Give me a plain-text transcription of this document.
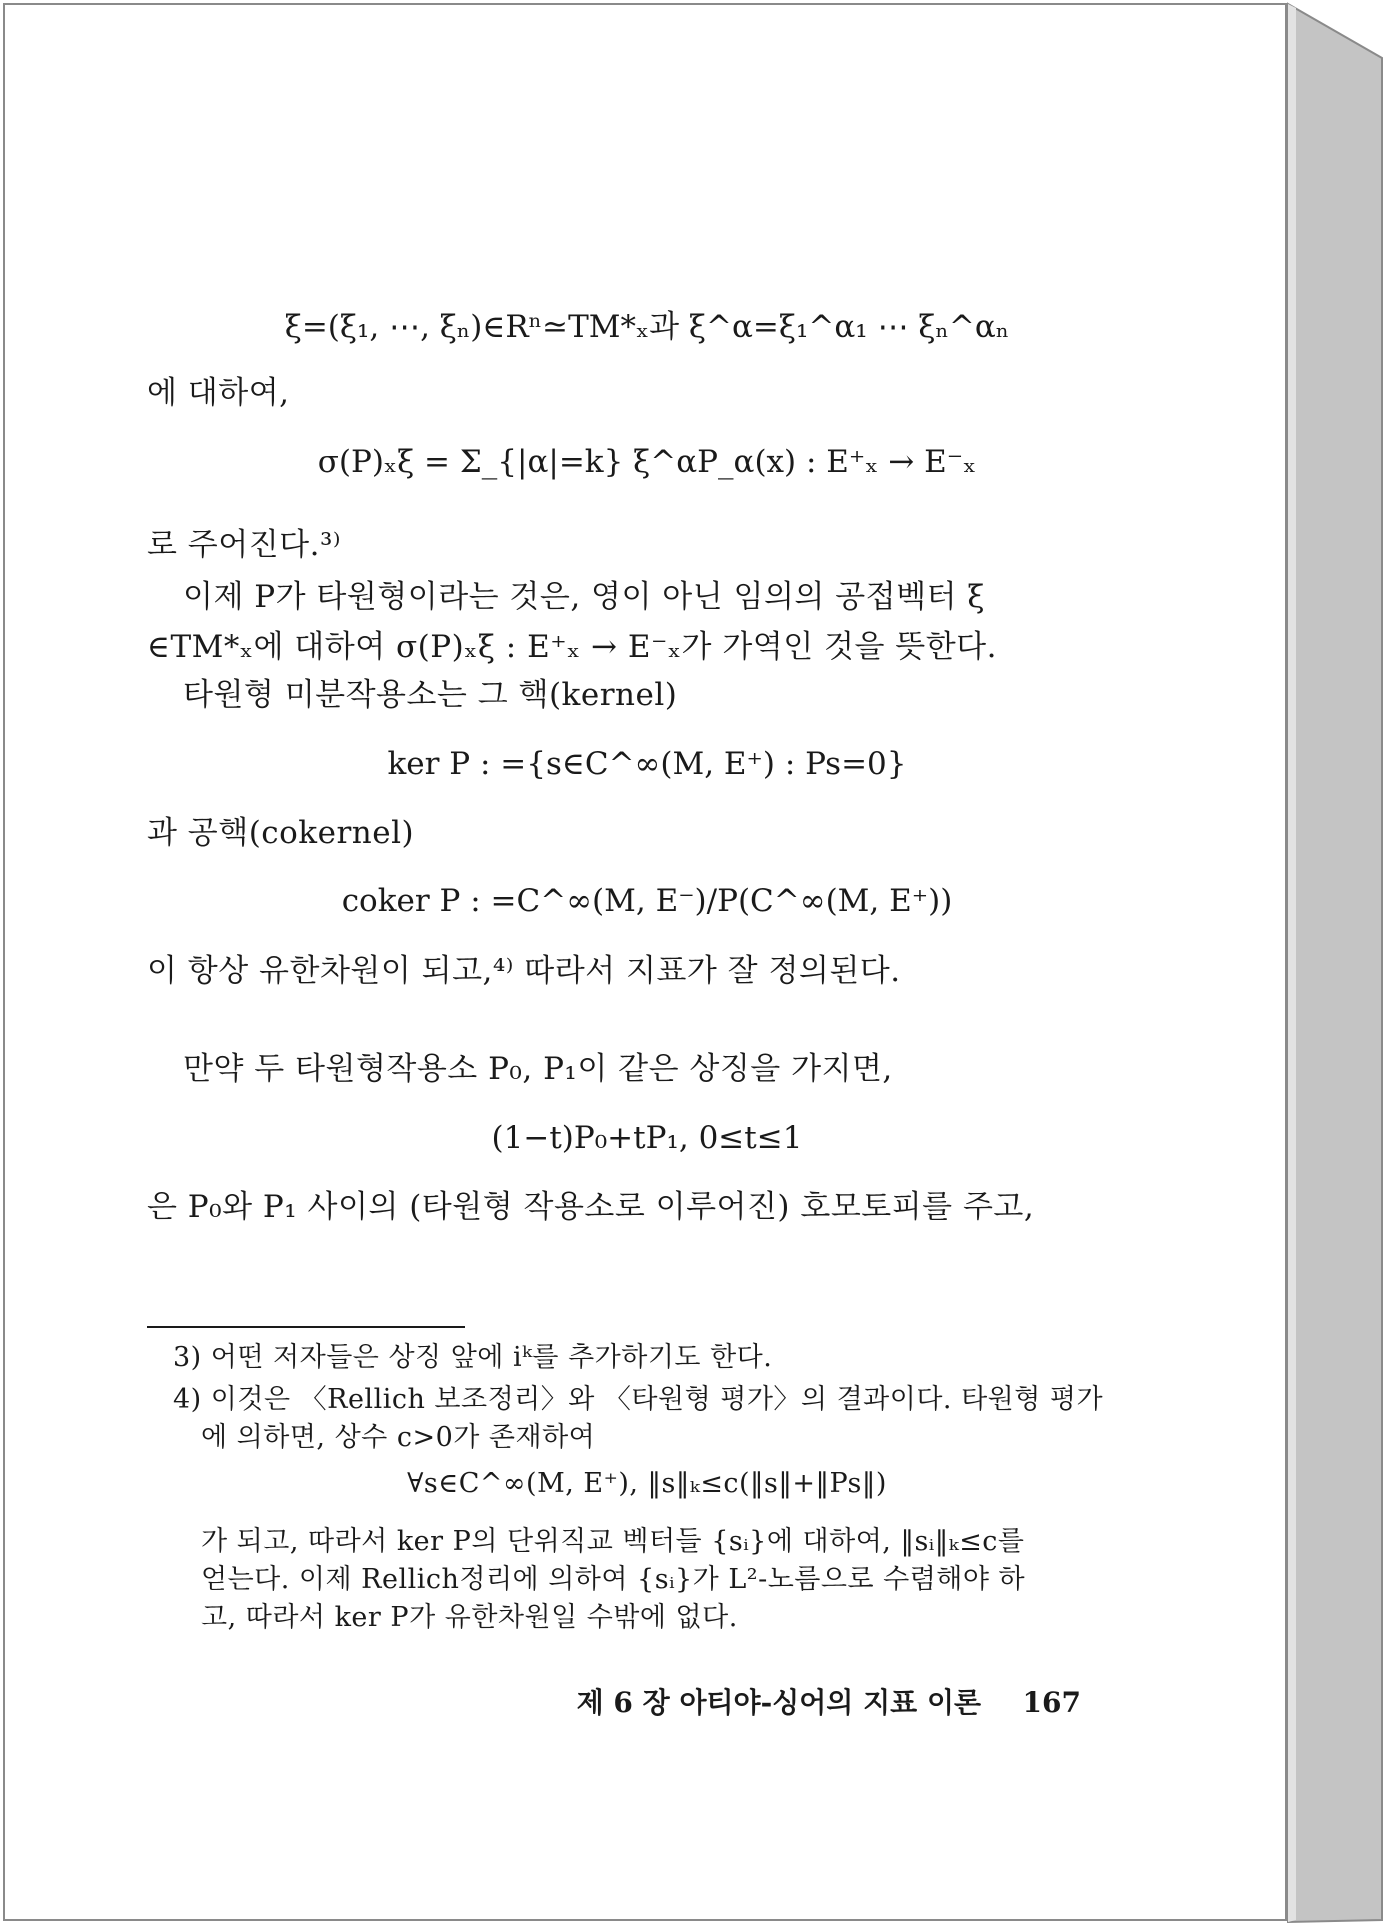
ξ=(ξ₁, ⋯, ξₙ)∈Rⁿ≃TM*ₓ과 ξ^α=ξ₁^α₁ ⋯ ξₙ^αₙ
에 대하여,
σ(P)ₓξ = Σ_{|α|=k} ξ^αP_α(x) : E⁺ₓ → E⁻ₓ
로 주어진다.³⁾
이제 P가 타원형이라는 것은, 영이 아닌 임의의 공접벡터 ξ
∈TM*ₓ에 대하여 σ(P)ₓξ : E⁺ₓ → E⁻ₓ가 가역인 것을 뜻한다.
타원형 미분작용소는 그 핵(kernel)
ker P : ={s∈C^∞(M, E⁺) : Ps=0}
과 공핵(cokernel)
coker P : =C^∞(M, E⁻)/P(C^∞(M, E⁺))
이 항상 유한차원이 되고,⁴⁾ 따라서 지표가 잘 정의된다.
만약 두 타원형작용소 P₀, P₁이 같은 상징을 가지면,
(1−t)P₀+tP₁, 0≤t≤1
은 P₀와 P₁ 사이의 (타원형 작용소로 이루어진) 호모토피를 주고,
3) 어떤 저자들은 상징 앞에 iᵏ를 추가하기도 한다.
4) 이것은 〈Rellich 보조정리〉와 〈타원형 평가〉의 결과이다. 타원형 평가
에 의하면, 상수 c>0가 존재하여
∀s∈C^∞(M, E⁺), ‖s‖ₖ≤c(‖s‖+‖Ps‖)
가 되고, 따라서 ker P의 단위직교 벡터들 {sᵢ}에 대하여, ‖sᵢ‖ₖ≤c를
얻는다. 이제 Rellich정리에 의하여 {sᵢ}가 L²-노름으로 수렴해야 하
고, 따라서 ker P가 유한차원일 수밖에 없다.
제 6 장 아티야-싱어의 지표 이론 167
